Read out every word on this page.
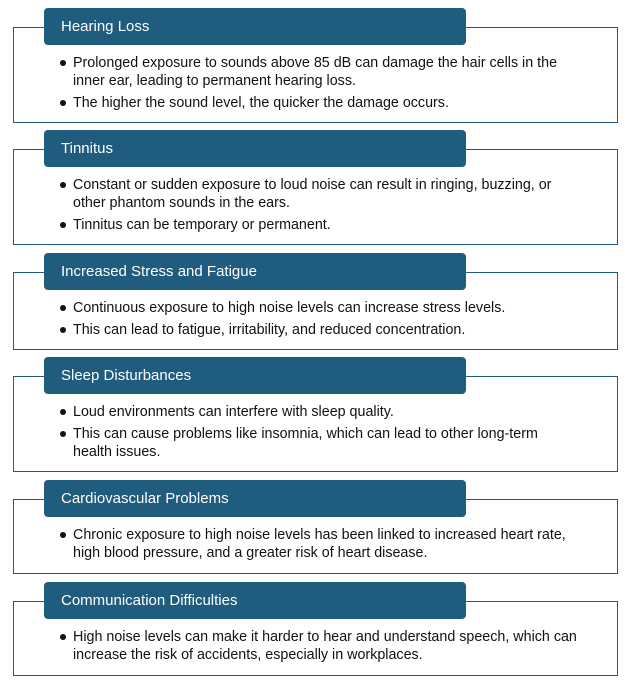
Hearing Loss
Prolonged exposure to sounds above 85 dB can damage the hair cells in the inner ear, leading to permanent hearing loss.
The higher the sound level, the quicker the damage occurs.
Tinnitus
Constant or sudden exposure to loud noise can result in ringing, buzzing, or other phantom sounds in the ears.
Tinnitus can be temporary or permanent.
Increased Stress and Fatigue
Continuous exposure to high noise levels can increase stress levels.
This can lead to fatigue, irritability, and reduced concentration.
Sleep Disturbances
Loud environments can interfere with sleep quality.
This can cause problems like insomnia, which can lead to other long-term health issues.
Cardiovascular Problems
Chronic exposure to high noise levels has been linked to increased heart rate, high blood pressure, and a greater risk of heart disease.
Communication Difficulties
High noise levels can make it harder to hear and understand speech, which can increase the risk of accidents, especially in workplaces.
